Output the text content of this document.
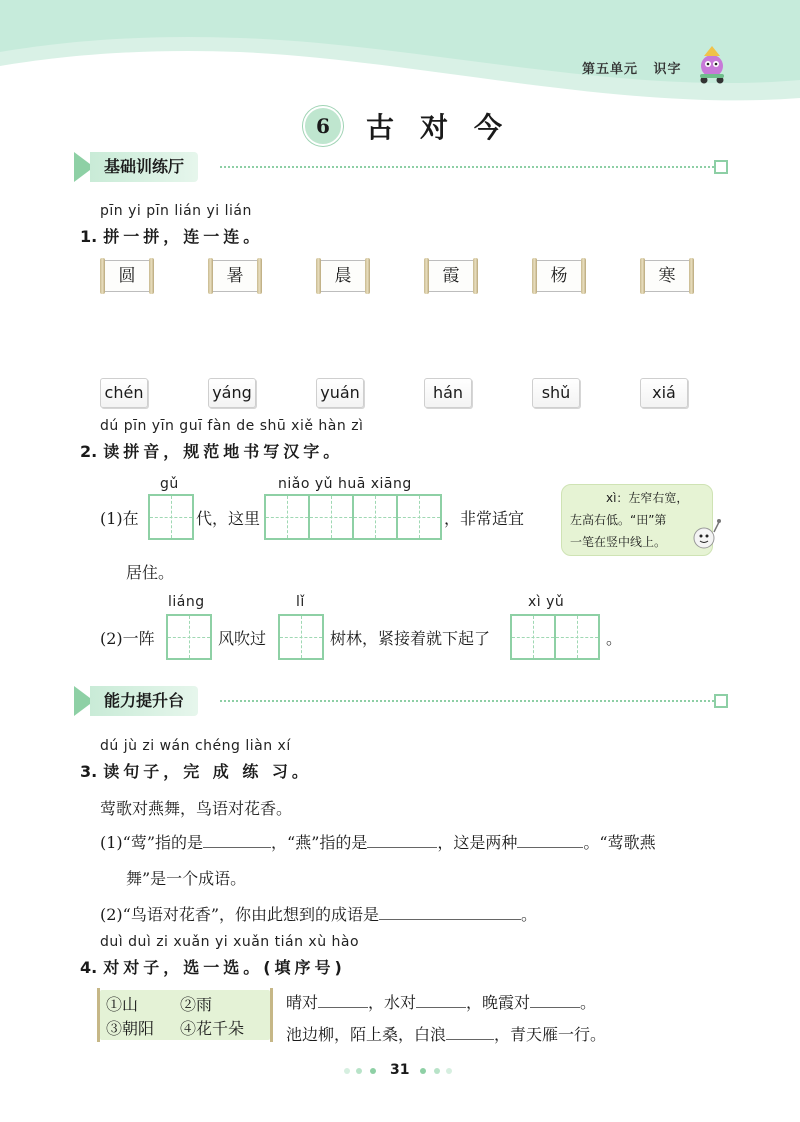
第五单元 识字
6	古对今
基础训练厅
pīn yi pīn lián yi lián
1. 拼一拼，连一连。
圆	暑	晨	霞	杨	寒
chén	yáng	yuán	hán	shǔ	xiá
dú pīn yīn guī fàn de shū xiě hàn zì
2. 读拼音，规范地书写汉字。
gǔ	niǎo yǔ huā xiāng
(1)在	代，这里	，非常适宜
居住。
xì：左窄右宽，
左高右低。“田”第
一笔在竖中线上。
liáng	lǐ	xì yǔ
(2)一阵	风吹过	树林，紧接着就下起了	。
能力提升台
dú jù zi wán chéng liàn xí
3. 读句子，完 成 练 习。
莺歌对燕舞，鸟语对花香。
(1)“莺”指的是	，“燕”指的是	，这是两种	。“莺歌燕
舞”是一个成语。
(2)“鸟语对花香”，你由此想到的成语是	。
duì duì zi xuǎn yi xuǎn tián xù hào
4. 对对子，选一选。(填序号)
①山	②雨
③朝阳 ④花千朵
晴对	，水对	，晚霞对	。
池边柳，陌上桑，白浪	，青天雁一行。
31
